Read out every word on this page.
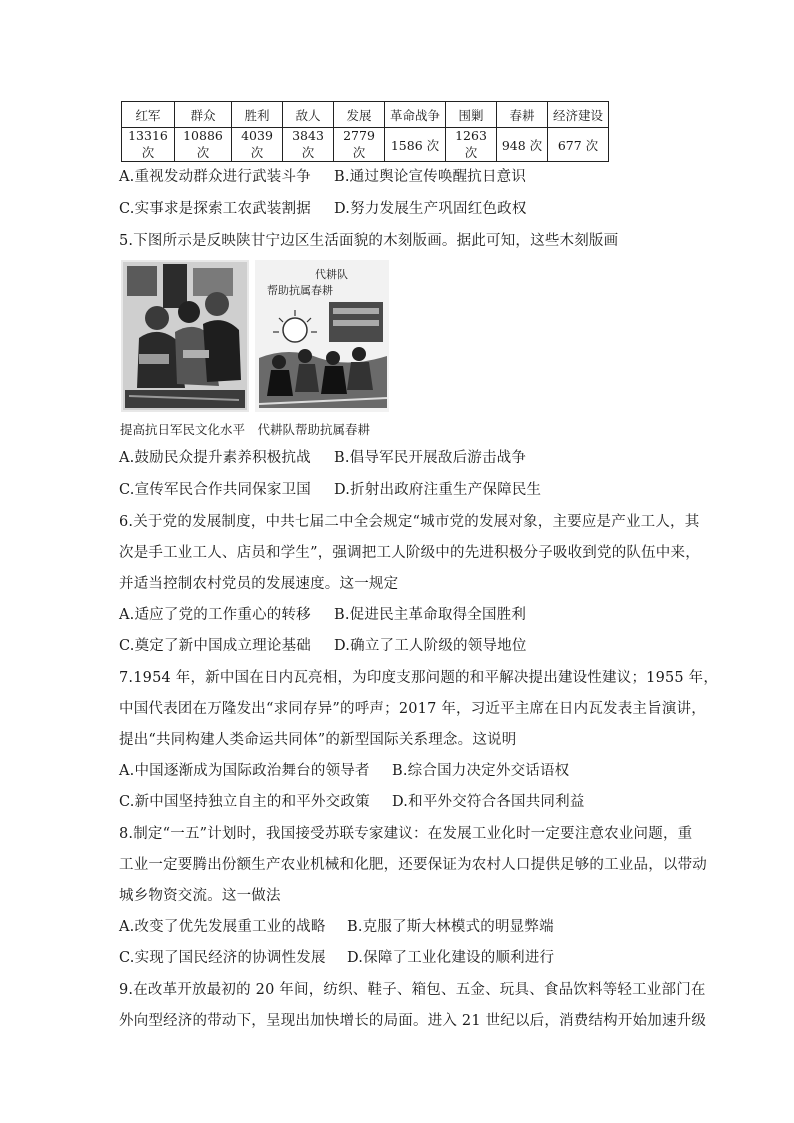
红军	群众	胜利	敌人	发展	革命战争	围剿	春耕	经济建设
13316 次	10886 次	4039 次	3843 次	2779 次	1586 次	1263 次	948 次	677 次
A.重视发动群众进行武装斗争 B.通过舆论宣传唤醒抗日意识
C.实事求是探索工农武装割据 D.努力发展生产巩固红色政权
5.下图所示是反映陕甘宁边区生活面貌的木刻版画。据此可知，这些木刻版画
代耕队
帮助抗属春耕
提高抗日军民文化水平　代耕队帮助抗属春耕
A.鼓励民众提升素养积极抗战 B.倡导军民开展敌后游击战争
C.宣传军民合作共同保家卫国 D.折射出政府注重生产保障民生
6.关于党的发展制度，中共七届二中全会规定“城市党的发展对象，主要应是产业工人，其
次是手工业工人、店员和学生”，强调把工人阶级中的先进积极分子吸收到党的队伍中来，
并适当控制农村党员的发展速度。这一规定
A.适应了党的工作重心的转移 B.促进民主革命取得全国胜利
C.奠定了新中国成立理论基础 D.确立了工人阶级的领导地位
7.1954 年，新中国在日内瓦亮相，为印度支那问题的和平解决提出建设性建议；1955 年，
中国代表团在万隆发出“求同存异”的呼声；2017 年，习近平主席在日内瓦发表主旨演讲，
提出“共同构建人类命运共同体”的新型国际关系理念。这说明
A.中国逐渐成为国际政治舞台的领导者 B.综合国力决定外交话语权
C.新中国坚持独立自主的和平外交政策 D.和平外交符合各国共同利益
8.制定“一五”计划时，我国接受苏联专家建议：在发展工业化时一定要注意农业问题，重
工业一定要腾出份额生产农业机械和化肥，还要保证为农村人口提供足够的工业品，以带动
城乡物资交流。这一做法
A.改变了优先发展重工业的战略 B.克服了斯大林模式的明显弊端
C.实现了国民经济的协调性发展 D.保障了工业化建设的顺利进行
9.在改革开放最初的 20 年间，纺织、鞋子、箱包、五金、玩具、食品饮料等轻工业部门在
外向型经济的带动下，呈现出加快增长的局面。进入 21 世纪以后，消费结构开始加速升级
